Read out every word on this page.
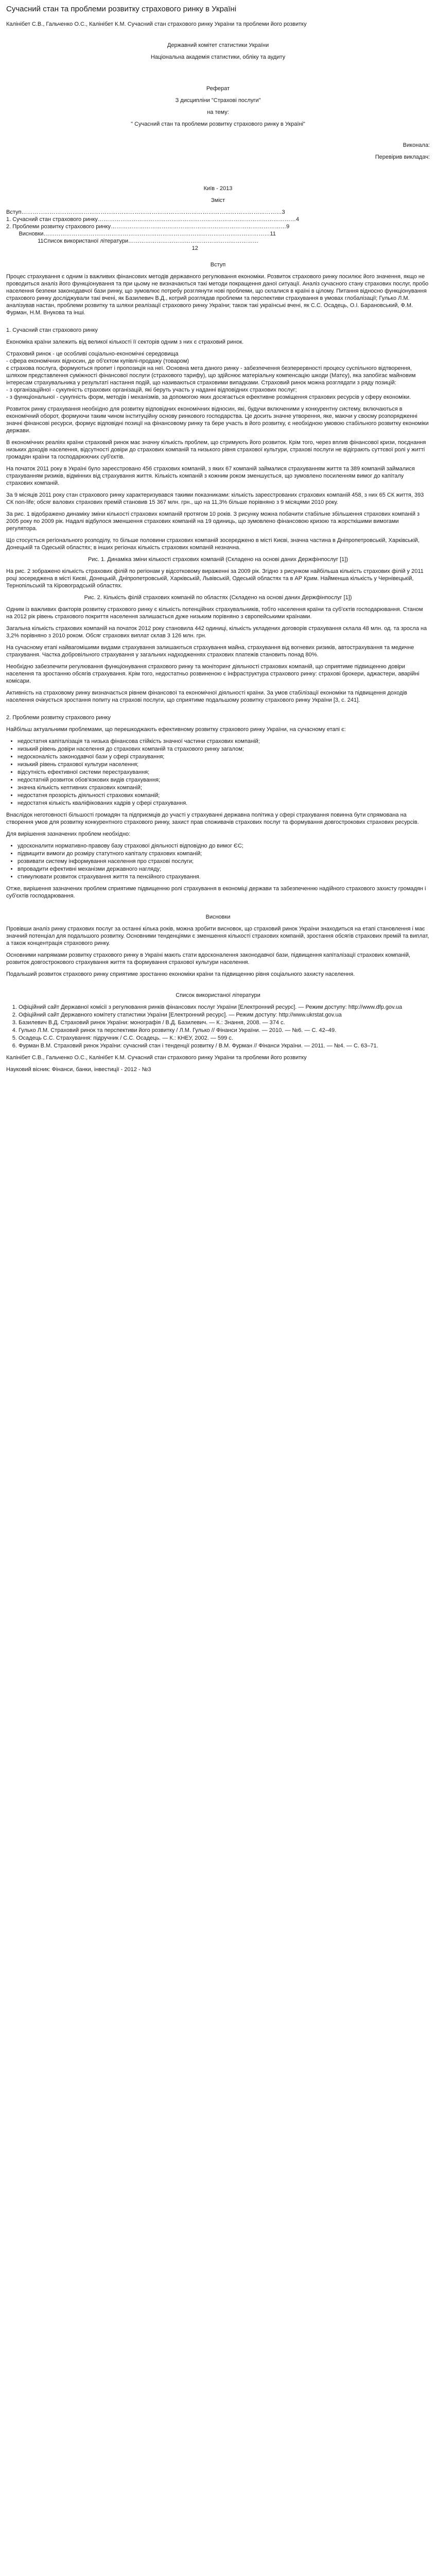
Сучасний стан та проблеми розвитку страхового ринку в Україні

Калінібет С.В., Гальченко О.С., Калінібет К.М. Сучасний стан страхового ринку України та проблеми його розвитку

Державний комітет статистики України

Національна академія статистики, обліку та аудиту

Реферат

З дисципліни "Страхові послуги"

на тему:

" Сучасний стан та проблеми розвитку страхового ринку в Україні"

Виконала:

Перевірив викладач:

Київ - 2013

Зміст

Вступ…………………………………………………………………………………………………………………………3

1. Сучасний стан страхового ринку……………………………………………………………………………………………4

2. Проблеми розвитку страхового ринку…………………………………………………………………………………9

Висновки…………………………………………………………………………………………………………11

11Список використаної літератури……………………………………………………………

12

Вступ

Процес страхування є одним із важливих фінансових методів державного регулювання економіки. Розвиток страхового ринку посилює його значення, якщо не проводиться аналіз його функціонування та при цьому не визначаються такі методи покращення даної ситуації. Аналіз сучасного стану страхових послуг, пробо населення безпеки законодавчої бази ринку, що зумовлює потребу розглянути нові проблеми, що склалися в країні в цілому. Питання відносно функціонування страхового ринку досліджували такі вчені, як Базилевич В.Д., котрий розглядав проблеми та перспективи страхування в умовах глобалізації; Гулько Л.М. аналізував настан, проблеми розвитку та шляхи реалізації страхового ринку України; також такі українські вчені, як С.С. Осадець, О.І. Барановський, Ф.М. Фурман, Н.М. Внукова та інші.

1. Сучасний стан страхового ринку

Економіка країни залежить від великої кількості її секторів одним з них є страховий ринок.

Страховий ринок - це особливі соціально-економічні середовища
- сфера економічних відносин, де об'єктом купівлі-продажу (товаром)
є страхова послуга, формуються пропит і пропозиція на неї. Основна мета даного ринку - забезпечення безперервності процесу суспільного відтворення, шляхом представлення суміжності фінансової послуги (страхового тарифу), що здійснює матеріальну компенсацію шкоди (Матєу), яка запобігає майновим інтересам страхувальника у результаті настання подій, що називаються страховими випадками. Страховий ринок можна розглядати з ряду позицій:
- з організаційної - сукупність страхових організацій, які беруть участь у наданні відповідних страхових послуг;
- з функціональної - сукупність форм, методів і механізмів, за допомогою яких досягається ефективне розміщення страхових ресурсів у сферу економіки.

Розвиток ринку страхування необхідно для розвитку відповідних економічних відносин, які, будучи включеними у конкурентну систему, включаються в економічний оборот, формуючи таким чином інституційну основу ринкового господарства. Це досить значне утворення, яке, маючи у своєму розпорядженні значні фінансові ресурси, формує відповідні позиції на фінансовому ринку та бере участь в його розвитку, є необхідною умовою стабільного розвитку економіки держави.

В економічних реаліях країни страховий ринок має значну кількість проблем, що стримують його розвиток. Крім того, через вплив фінансової кризи, поєднання низьких доходів населення, відсутності довіри до страхових компаній та низького рівня страхової культури, страхові послуги не відіграють суттєвої ролі у житті громадян країни та господарюючих суб'єктів.

На початок 2011 року в Україні було зареєстровано 456 страхових компаній, з яких 67 компаній займалися страхуванням життя та 389 компаній займалися страхуванням ризиків, відмінних від страхування життя. Кількість компаній з кожним роком зменшується, що зумовлено посиленням вимог до капіталу страхових компаній.

За 9 місяців 2011 року стан страхового ринку характеризувався такими показниками: кількість зареєстрованих страхових компаній 458, з них 65 СК життя, 393 СК non-life; обсяг валових страхових премій становив 15 367 млн. грн., що на 11,3% більше порівняно з 9 місяцями 2010 року.

За рис. 1 відображено динаміку зміни кількості страхових компаній протягом 10 років. З рисунку можна побачити стабільне збільшення страхових компаній з 2005 року по 2009 рік. Надалі відбулося зменшення страхових компаній на 19 одиниць, що зумовлено фінансовою кризою та жорсткішими вимогами регулятора.

Що стосується регіонального розподілу, то більше половини страхових компаній зосереджено в місті Києві, значна частина в Дніпропетровській, Харківській, Донецькій та Одеській областях; в інших регіонах кількість страхових компаній незначна.

Рис. 1. Динаміка зміни кількості страхових компаній (Складено на основі даних Держфінпослуг [1])

На рис. 2 зображено кількість страхових філій по регіонам у відсотковому вираженні за 2009 рік. Згідно з рисунком найбільша кількість страхових філій у 2011 році зосереджена в місті Києві, Донецькій, Дніпропетровській, Харківській, Львівській, Одеській областях та в АР Крим. Найменша кількість у Чернівецькій, Тернопільській та Кіровоградській областях.

Рис. 2. Кількість філій страхових компаній по областях (Складено на основі даних Держфінпослуг [1])

Одним із важливих факторів розвитку страхового ринку є кількість потенційних страхувальників, тобто населення країни та суб'єктів господарювання. Станом на 2012 рік рівень страхового покриття населення залишається дуже низьким порівняно з європейськими країнами.

Загальна кількість страхових компаній на початок 2012 року становила 442 одиниці, кількість укладених договорів страхування склала 48 млн. од. та зросла на 3,2% порівняно з 2010 роком. Обсяг страхових виплат склав 3 126 млн. грн.

На сучасному етапі найвагомішими видами страхування залишаються страхування майна, страхування від вогневих ризиків, автострахування та медичне страхування. Частка добровільного страхування у загальних надходженнях страхових платежів становить понад 80%.

Необхідно забезпечити регулювання функціонування страхового ринку та моніторинг діяльності страхових компаній, що сприятиме підвищенню довіри населення та зростанню обсягів страхування. Крім того, недостатньо розвиненою є інфраструктура страхового ринку: страхові брокери, аджастери, аварійні комісари.

Активність на страховому ринку визначається рівнем фінансової та економічної діяльності країни. За умов стабілізації економіки та підвищення доходів населення очікується зростання попиту на страхові послуги, що сприятиме подальшому розвитку страхового ринку України [3, с. 241].

2. Проблеми розвитку страхового ринку

Найбільш актуальними проблемами, що перешкоджають ефективному розвитку страхового ринку України, на сучасному етапі є:

• недостатня капіталізація та низька фінансова стійкість значної частини страхових компаній;
• низький рівень довіри населення до страхових компаній та страхового ринку загалом;
• недосконалість законодавчої бази у сфері страхування;
• низький рівень страхової культури населення;
• відсутність ефективної системи перестрахування;
• недостатній розвиток обов'язкових видів страхування;
• значна кількість кептивних страхових компаній;
• недостатня прозорість діяльності страхових компаній;
• недостатня кількість кваліфікованих кадрів у сфері страхування.

Внаслідок неготовності більшості громадян та підприємців до участі у страхуванні державна політика у сфері страхування повинна бути спрямована на створення умов для розвитку конкурентного страхового ринку, захист прав споживачів страхових послуг та формування довгострокових страхових ресурсів.

Для вирішення зазначених проблем необхідно:

• удосконалити нормативно-правову базу страхової діяльності відповідно до вимог ЄС;
• підвищити вимоги до розміру статутного капіталу страхових компаній;
• розвивати систему інформування населення про страхові послуги;
• впровадити ефективні механізми державного нагляду;
• стимулювати розвиток страхування життя та пенсійного страхування.

Отже, вирішення зазначених проблем сприятиме підвищенню ролі страхування в економіці держави та забезпеченню надійного страхового захисту громадян і суб'єктів господарювання.

Висновки

Провівши аналіз ринку страхових послуг за останні кілька років, можна зробити висновок, що страховий ринок України знаходиться на етапі становлення і має значний потенціал для подальшого розвитку. Основними тенденціями є зменшення кількості страхових компаній, зростання обсягів страхових премій та виплат, а також концентрація страхового ринку.

Основними напрямами розвитку страхового ринку в Україні мають стати вдосконалення законодавчої бази, підвищення капіталізації страхових компаній, розвиток довгострокового страхування життя та формування страхової культури населення.

Подальший розвиток страхового ринку сприятиме зростанню економіки країни та підвищенню рівня соціального захисту населення.

Список використаної літератури

1. Офіційний сайт Державної комісії з регулювання ринків фінансових послуг України [Електронний ресурс]. — Режим доступу: http://www.dfp.gov.ua
2. Офіційний сайт Державного комітету статистики України [Електронний ресурс]. — Режим доступу: http://www.ukrstat.gov.ua
3. Базилевич В.Д. Страховий ринок України: монографія / В.Д. Базилевич. — К.: Знання, 2008. — 374 с.
4. Гулько Л.М. Страховий ринок та перспективи його розвитку / Л.М. Гулько // Фінанси України. — 2010. — №6. — С. 42–49.
5. Осадець С.С. Страхування: підручник / С.С. Осадець. — К.: КНЕУ, 2002. — 599 с.
6. Фурман В.М. Страховий ринок України: сучасний стан і тенденції розвитку / В.М. Фурман // Фінанси України. — 2011. — №4. — С. 63–71.

Калінібет С.В., Гальченко О.С., Калінібет К.М. Сучасний стан страхового ринку України та проблеми його розвитку

Науковий вісник: Фінанси, банки, інвестиції - 2012 - №3
